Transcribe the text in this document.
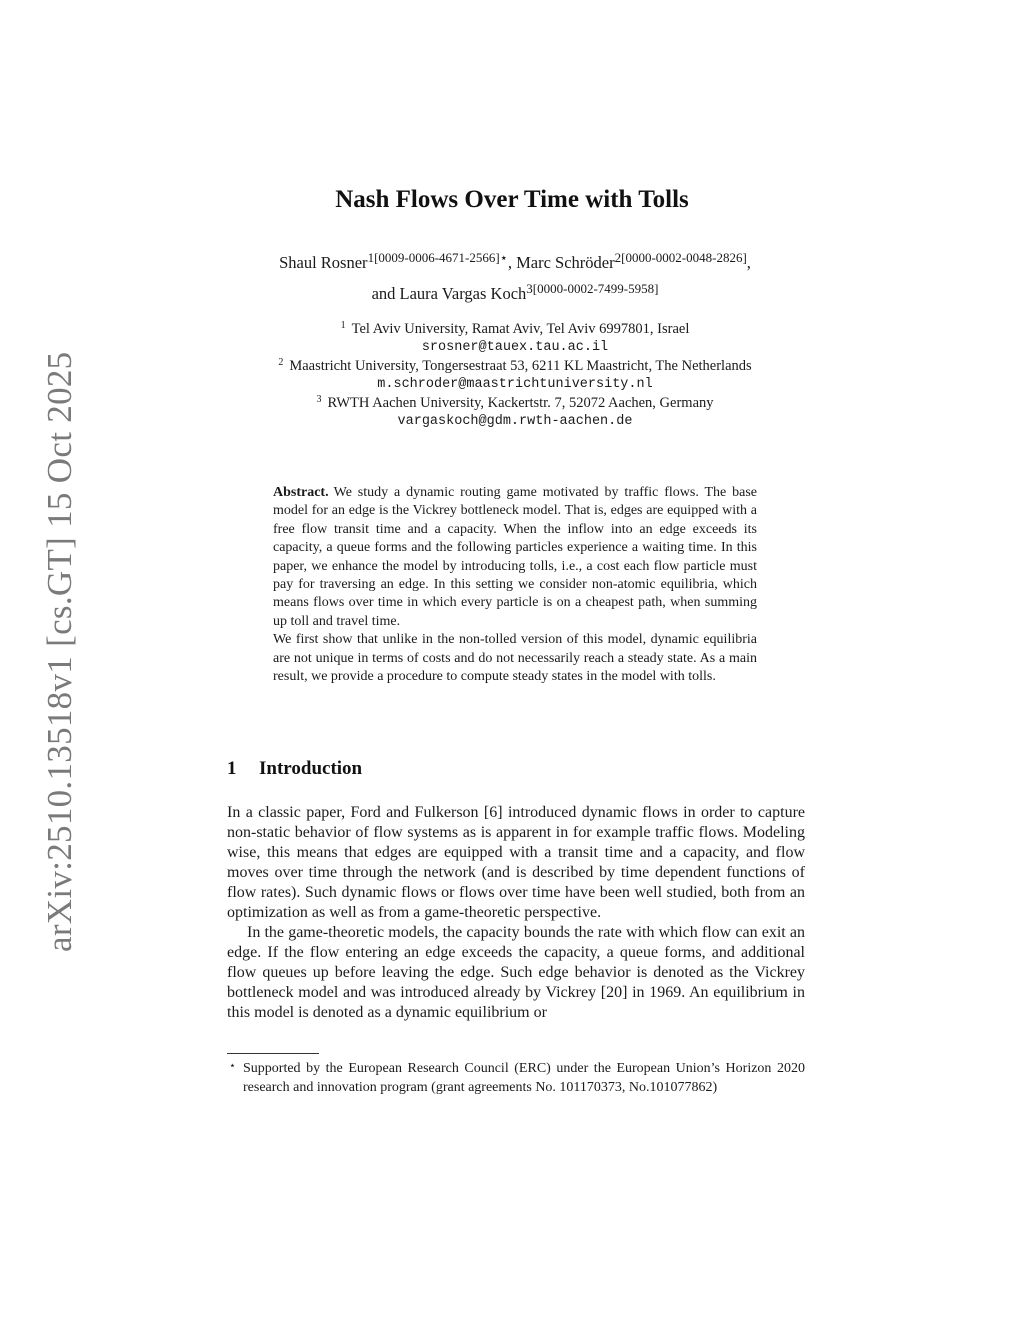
arXiv:2510.13518v1 [cs.GT] 15 Oct 2025
Nash Flows Over Time with Tolls
Shaul Rosner$^{1[0009-0006-4671-2566]⋆}$, Marc Schröder$^{2[0000-0002-0048-2826]}$,
and Laura Vargas Koch$^{3[0000-0002-7499-5958]}$
$^1$ Tel Aviv University, Ramat Aviv, Tel Aviv 6997801, Israel
srosner@tauex.tau.ac.il
$^2$ Maastricht University, Tongersestraat 53, 6211 KL Maastricht, The Netherlands
m.schroder@maastrichtuniversity.nl
$^3$ RWTH Aachen University, Kackertstr. 7, 52072 Aachen, Germany
vargaskoch@gdm.rwth-aachen.de

Abstract. We study a dynamic routing game motivated by traffic flows. The base model for an edge is the Vickrey bottleneck model. That is, edges are equipped with a free flow transit time and a capacity. When the inflow into an edge exceeds its capacity, a queue forms and the following particles experience a waiting time. In this paper, we enhance the model by introducing tolls, i.e., a cost each flow particle must pay for traversing an edge. In this setting we consider non-atomic equilibria, which means flows over time in which every particle is on a cheapest path, when summing up toll and travel time.

We first show that unlike in the non-tolled version of this model, dynamic equilibria are not unique in terms of costs and do not necessarily reach a steady state. As a main result, we provide a procedure to compute steady states in the model with tolls.

1 Introduction

In a classic paper, Ford and Fulkerson [6] introduced dynamic flows in order to capture non-static behavior of flow systems as is apparent in for example traffic flows. Modeling wise, this means that edges are equipped with a transit time and a capacity, and flow moves over time through the network (and is described by time dependent functions of flow rates). Such dynamic flows or flows over time have been well studied, both from an optimization as well as from a game-theoretic perspective.

In the game-theoretic models, the capacity bounds the rate with which flow can exit an edge. If the flow entering an edge exceeds the capacity, a queue forms, and additional flow queues up before leaving the edge. Such edge behavior is denoted as the Vickrey bottleneck model and was introduced already by Vickrey [20] in 1969. An equilibrium in this model is denoted as a dynamic equilibrium or

⋆ Supported by the European Research Council (ERC) under the European Union’s Horizon 2020 research and innovation program (grant agreements No. 101170373, No.101077862)
